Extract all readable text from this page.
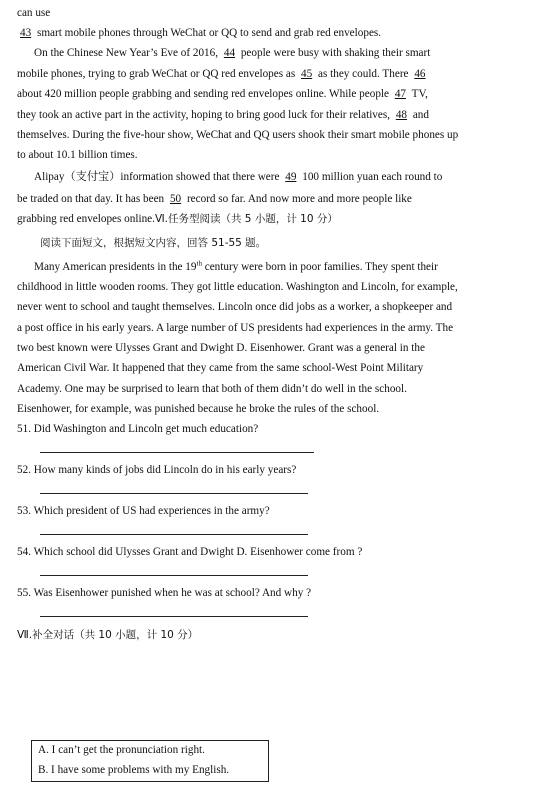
can use
43 smart mobile phones through WeChat or QQ to send and grab red envelopes.
On the Chinese New Year’s Eve of 2016, 44 people were busy with shaking their smart
mobile phones, trying to grab WeChat or QQ red envelopes as 45 as they could. There 46
about 420 million people grabbing and sending red envelopes online. While people 47 TV,
they took an active part in the activity, hoping to bring good luck for their relatives, 48 and
themselves. During the five-hour show, WeChat and QQ users shook their smart mobile phones up
to about 10.1 billion times.
Alipay（支付宝）information showed that there were 49 100 million yuan each round to
be traded on that day. It has been 50 record so far. And now more and more people like
grabbing red envelopes online.Ⅵ.任务型阅读（共 5 小题，计 10 分）
阅读下面短文，根据短文内容，回答 51-55 题。
Many American presidents in the 19th century were born in poor families. They spent their
childhood in little wooden rooms. They got little education. Washington and Lincoln, for example,
never went to school and taught themselves. Lincoln once did jobs as a worker, a shopkeeper and
a post office in his early years. A large number of US presidents had experiences in the army. The
two best known were Ulysses Grant and Dwight D. Eisenhower. Grant was a general in the
American Civil War. It happened that they came from the same school-West Point Military
Academy. One may be surprised to learn that both of them didn’t do well in the school.
Eisenhower, for example, was punished because he broke the rules of the school.
51. Did Washington and Lincoln get much education?
52. How many kinds of jobs did Lincoln do in his early years?
53. Which president of US had experiences in the army?
54. Which school did Ulysses Grant and Dwight D. Eisenhower come from ?
55. Was Eisenhower punished when he was at school? And why ?
Ⅶ.补全对话（共 10 小题，计 10 分）
A. I can’t get the pronunciation right.
B. I have some problems with my English.
